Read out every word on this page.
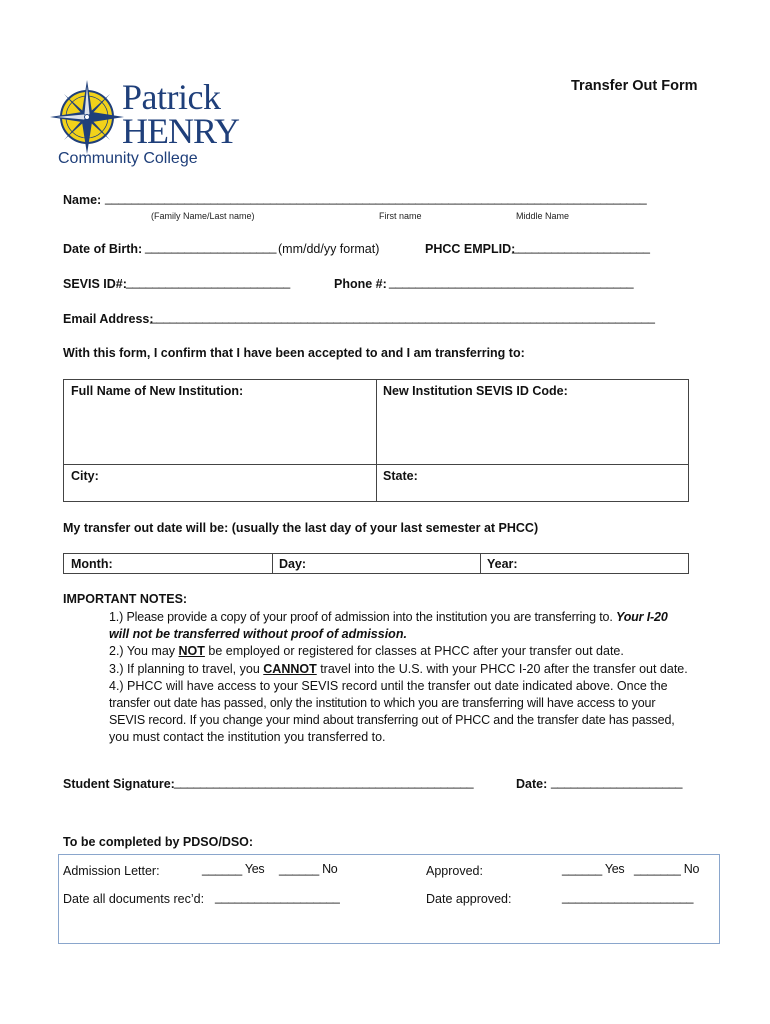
Patrick
HENRY
Community College
Transfer Out Form
Name: __________________________________________________________________________________
(Family Name/Last name)	First name	Middle Name
Date of Birth: ____________________ (mm/dd/yy format)	PHCC EMPLID:
_____________________
SEVIS ID#: _________________________	Phone #: _____________________________________
Email Address:
_____________________________________________________________________________
With this form, I confirm that I have been accepted to and I am transferring to:
Full Name of New Institution:	New Institution SEVIS ID Code:
City:	State:
My transfer out date will be: (usually the last day of your last semester at PHCC)
Month:	Day:	Year:
IMPORTANT NOTES:
1.) Please provide a copy of your proof of admission into the institution you are transferring to. Your I-20
will not be transferred without proof of admission.
2.) You may NOT be employed or registered for classes at PHCC after your transfer out date.
3.) If planning to travel, you CANNOT travel into the U.S. with your PHCC I-20 after the transfer out date.
4.) PHCC will have access to your SEVIS record until the transfer out date indicated above. Once the
transfer out date has passed, only the institution to which you are transferring will have access to your
SEVIS record. If you change your mind about transferring out of PHCC and the transfer date has passed,
you must contact the institution you transferred to.
Student Signature: ______________________________________________	Date: ____________________
To be completed by PDSO/DSO:
Admission Letter:	______ Yes ______ No	Approved:	______ Yes _______ No
Date all documents rec’d: ___________________	Date approved:	____________________
